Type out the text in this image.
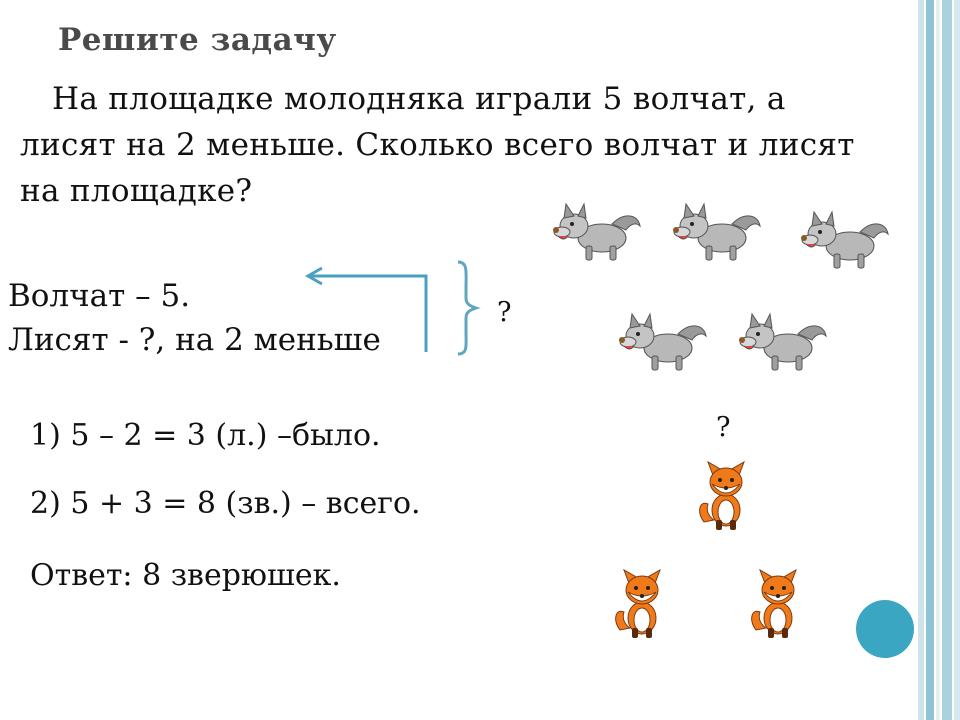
Решите задачу
На площадке молодняка играли 5 волчат, а
лисят на 2 меньше. Сколько всего волчат и лисят
на площадке?
Волчат – 5.
Лисят - ?, на 2 меньше
?
?
1) 5 – 2 = 3 (л.) –было.
2) 5 + 3 = 8 (зв.) – всего.
Ответ: 8 зверюшек.
